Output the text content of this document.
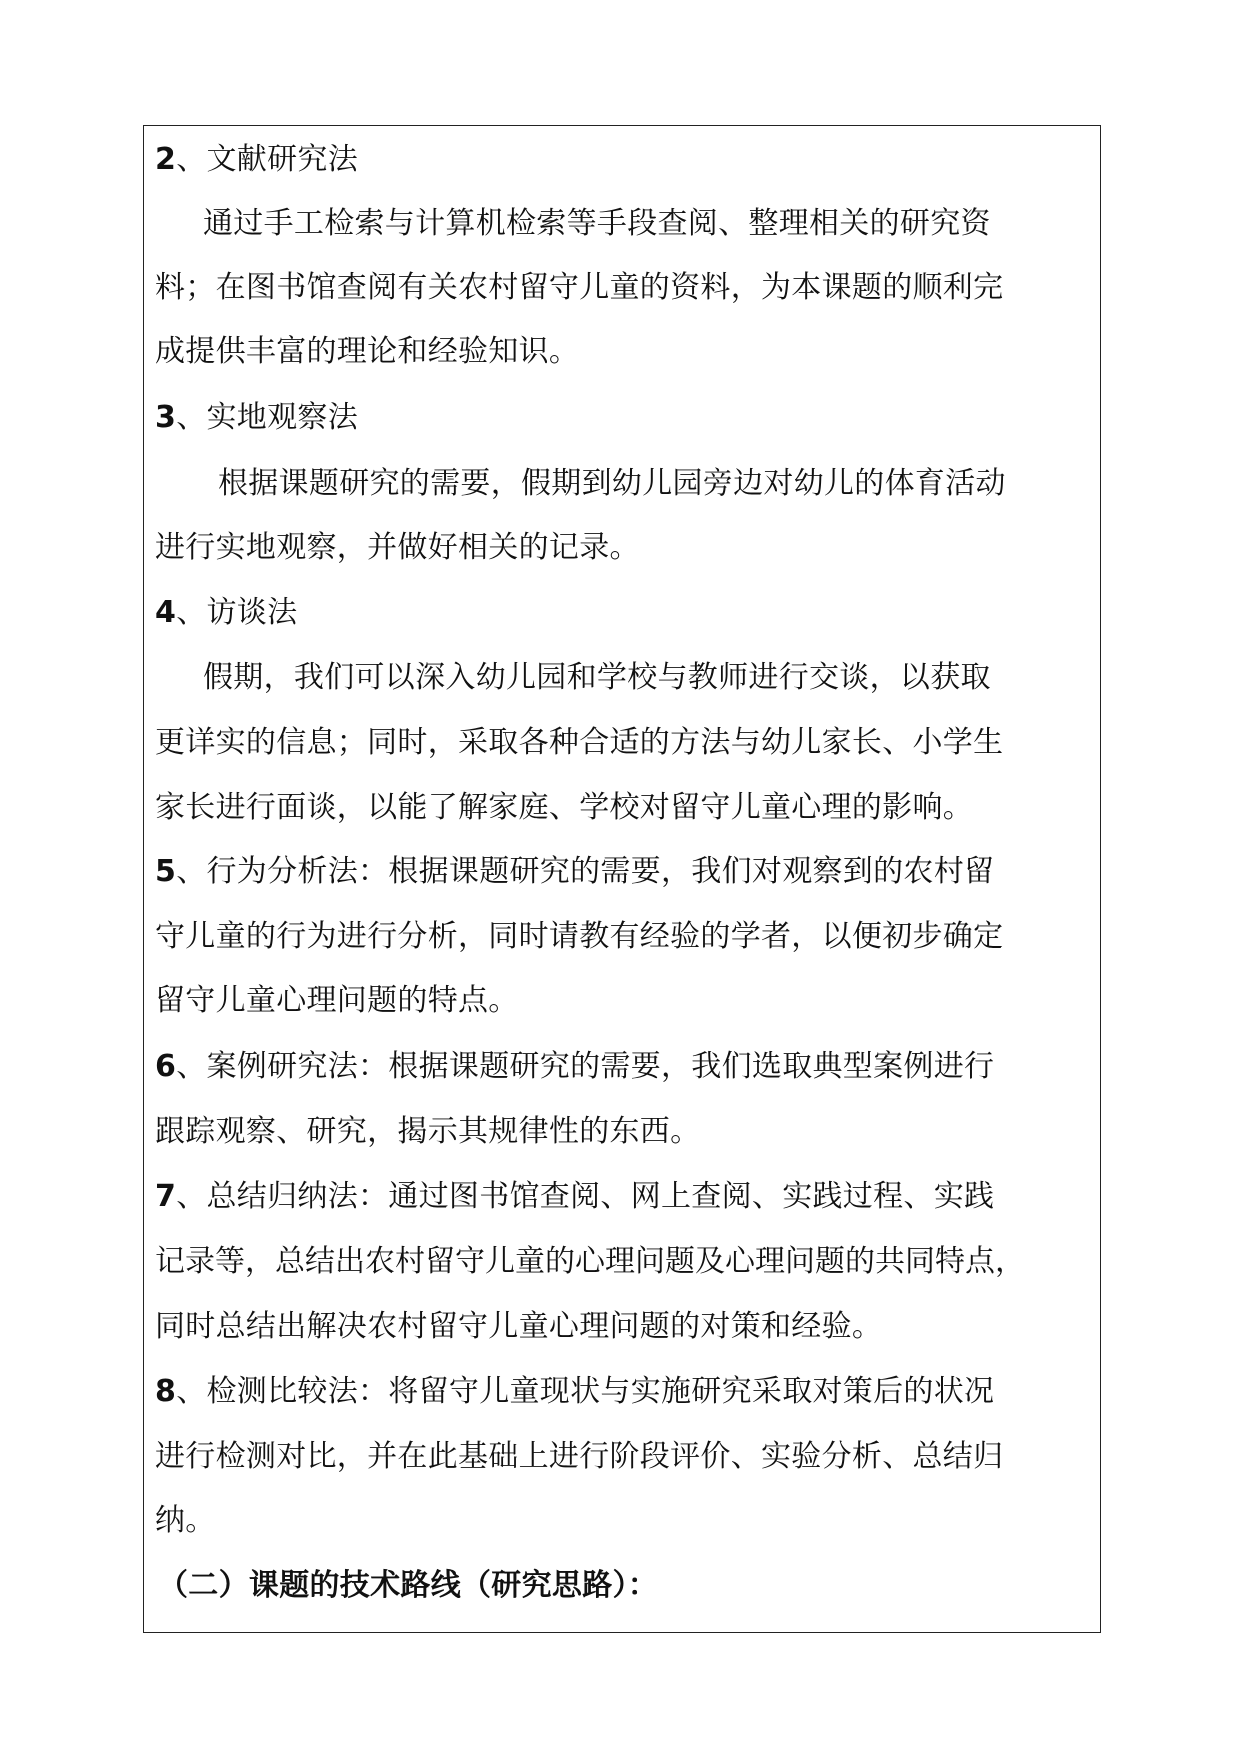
2、文献研究法
通过手工检索与计算机检索等手段查阅、整理相关的研究资
料；在图书馆查阅有关农村留守儿童的资料，为本课题的顺利完
成提供丰富的理论和经验知识。
3、实地观察法
根据课题研究的需要，假期到幼儿园旁边对幼儿的体育活动
进行实地观察，并做好相关的记录。
4、访谈法
假期，我们可以深入幼儿园和学校与教师进行交谈，以获取
更详实的信息；同时，采取各种合适的方法与幼儿家长、小学生
家长进行面谈，以能了解家庭、学校对留守儿童心理的影响。
5、行为分析法：根据课题研究的需要，我们对观察到的农村留
守儿童的行为进行分析，同时请教有经验的学者，以便初步确定
留守儿童心理问题的特点。
6、案例研究法：根据课题研究的需要，我们选取典型案例进行
跟踪观察、研究，揭示其规律性的东西。
7、总结归纳法：通过图书馆查阅、网上查阅、实践过程、实践
记录等，总结出农村留守儿童的心理问题及心理问题的共同特点，
同时总结出解决农村留守儿童心理问题的对策和经验。
8、检测比较法：将留守儿童现状与实施研究采取对策后的状况
进行检测对比，并在此基础上进行阶段评价、实验分析、总结归
纳。
（二）课题的技术路线（研究思路）：
